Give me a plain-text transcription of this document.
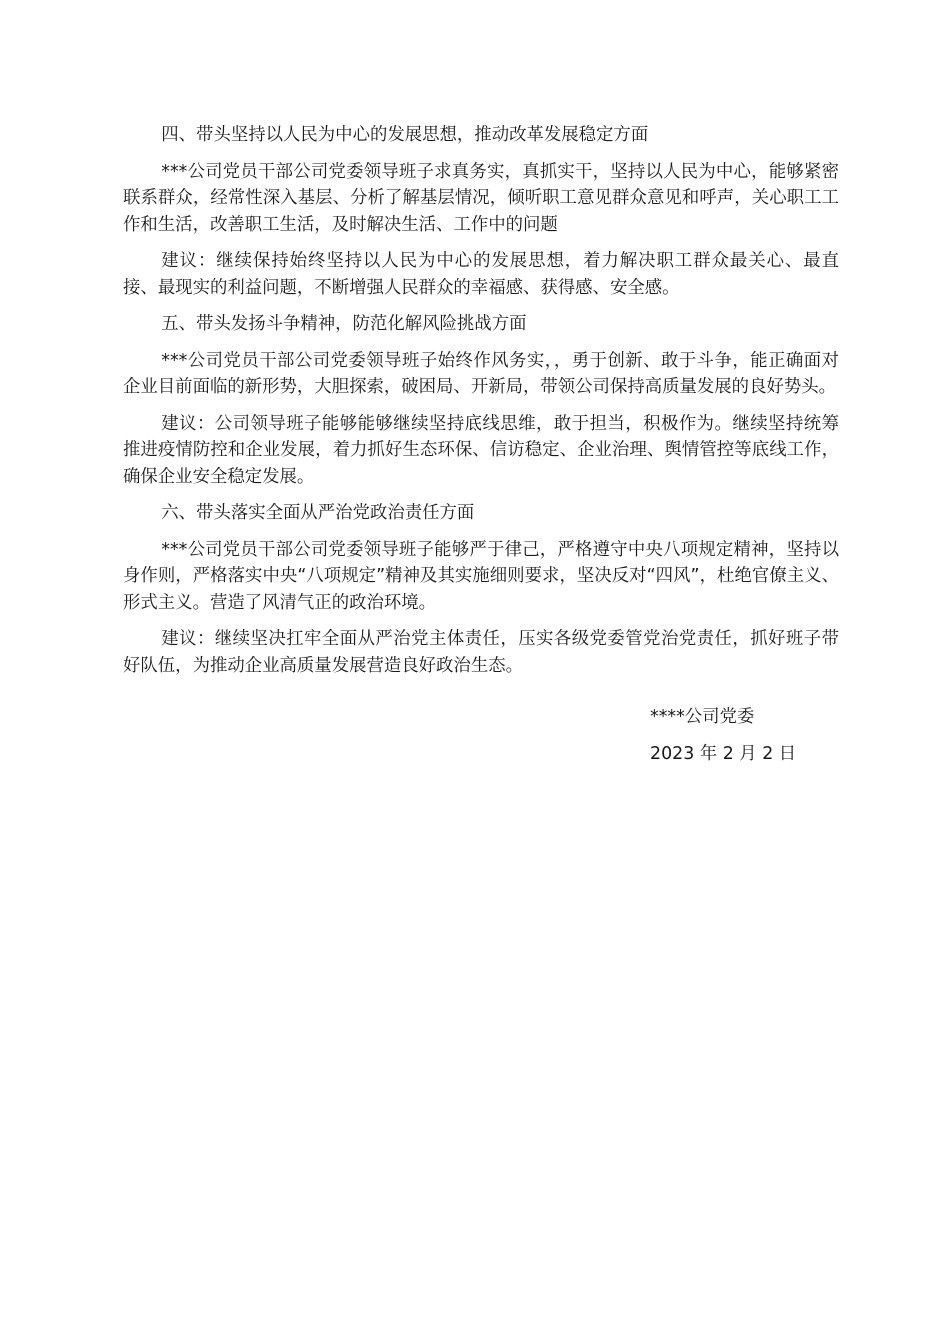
四、带头坚持以人民为中心的发展思想，推动改革发展稳定方面

***公司党员干部公司党委领导班子求真务实，真抓实干，坚持以人民为中心，能够紧密联系群众，经常性深入基层、分析了解基层情况，倾听职工意见群众意见和呼声，关心职工工作和生活，改善职工生活，及时解决生活、工作中的问题

建议：继续保持始终坚持以人民为中心的发展思想，着力解决职工群众最关心、最直接、最现实的利益问题，不断增强人民群众的幸福感、获得感、安全感。

五、带头发扬斗争精神，防范化解风险挑战方面

***公司党员干部公司党委领导班子始终作风务实，，勇于创新、敢于斗争，能正确面对企业目前面临的新形势，大胆探索，破困局、开新局，带领公司保持高质量发展的良好势头。

建议：公司领导班子能够能够继续坚持底线思维，敢于担当，积极作为。继续坚持统筹推进疫情防控和企业发展，着力抓好生态环保、信访稳定、企业治理、舆情管控等底线工作，确保企业安全稳定发展。

六、带头落实全面从严治党政治责任方面

***公司党员干部公司党委领导班子能够严于律己，严格遵守中央八项规定精神，坚持以身作则，严格落实中央“八项规定”精神及其实施细则要求，坚决反对“四风”，杜绝官僚主义、形式主义。营造了风清气正的政治环境。

建议：继续坚决扛牢全面从严治党主体责任，压实各级党委管党治党责任，抓好班子带好队伍，为推动企业高质量发展营造良好政治生态。

****公司党委
2023 年 2 月 2 日
